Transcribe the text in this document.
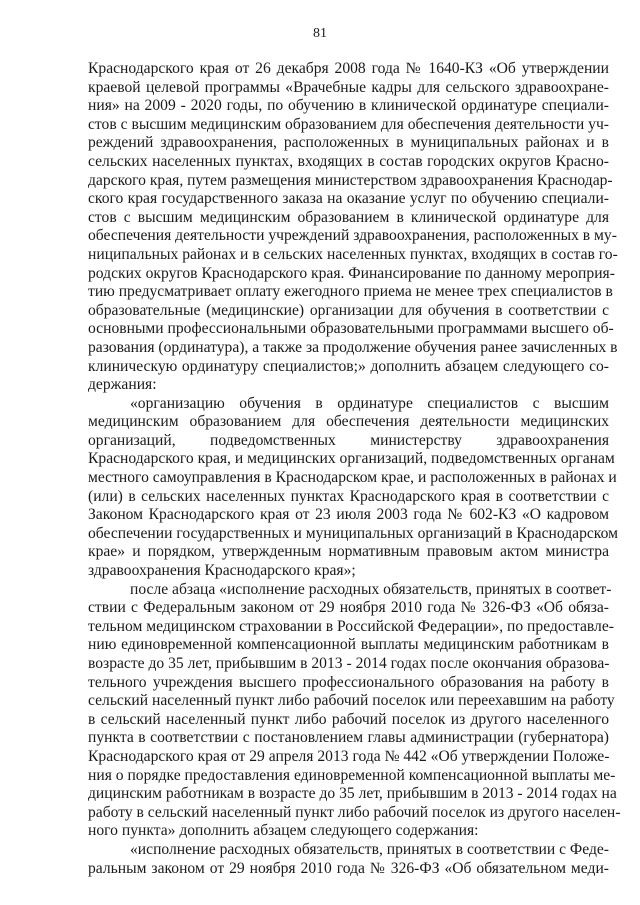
81
Краснодарского края от 26 декабря 2008 года № 1640-КЗ «Об утверждении
краевой целевой программы «Врачебные кадры для сельского здравоохране-
ния» на 2009 - 2020 годы, по обучению в клинической ординатуре специали-
стов с высшим медицинским образованием для обеспечения деятельности уч-
реждений здравоохранения, расположенных в муниципальных районах и в
сельских населенных пунктах, входящих в состав городских округов Красно-
дарского края, путем размещения министерством здравоохранения Краснодар-
ского края государственного заказа на оказание услуг по обучению специали-
стов с высшим медицинским образованием в клинической ординатуре для
обеспечения деятельности учреждений здравоохранения, расположенных в му-
ниципальных районах и в сельских населенных пунктах, входящих в состав го-
родских округов Краснодарского края. Финансирование по данному мероприя-
тию предусматривает оплату ежегодного приема не менее трех специалистов в
образовательные (медицинские) организации для обучения в соответствии с
основными профессиональными образовательными программами высшего об-
разования (ординатура), а также за продолжение обучения ранее зачисленных в
клиническую ординатуру специалистов;» дополнить абзацем следующего со-
держания:
«организацию обучения в ординатуре специалистов с высшим
медицинским образованием для обеспечения деятельности медицинских
организаций, подведомственных министерству здравоохранения
Краснодарского края, и медицинских организаций, подведомственных органам
местного самоуправления в Краснодарском крае, и расположенных в районах и
(или) в сельских населенных пунктах Краснодарского края в соответствии с
Законом Краснодарского края от 23 июля 2003 года № 602-КЗ «О кадровом
обеспечении государственных и муниципальных организаций в Краснодарском
крае» и порядком, утвержденным нормативным правовым актом министра
здравоохранения Краснодарского края»;
после абзаца «исполнение расходных обязательств, принятых в соответ-
ствии с Федеральным законом от 29 ноября 2010 года № 326-ФЗ «Об обяза-
тельном медицинском страховании в Российской Федерации», по предоставле-
нию единовременной компенсационной выплаты медицинским работникам в
возрасте до 35 лет, прибывшим в 2013 - 2014 годах после окончания образова-
тельного учреждения высшего профессионального образования на работу в
сельский населенный пункт либо рабочий поселок или переехавшим на работу
в сельский населенный пункт либо рабочий поселок из другого населенного
пункта в соответствии с постановлением главы администрации (губернатора)
Краснодарского края от 29 апреля 2013 года № 442 «Об утверждении Положе-
ния о порядке предоставления единовременной компенсационной выплаты ме-
дицинским работникам в возрасте до 35 лет, прибывшим в 2013 - 2014 годах на
работу в сельский населенный пункт либо рабочий поселок из другого населен-
ного пункта» дополнить абзацем следующего содержания:
«исполнение расходных обязательств, принятых в соответствии с Феде-
ральным законом от 29 ноября 2010 года № 326-ФЗ «Об обязательном меди-
